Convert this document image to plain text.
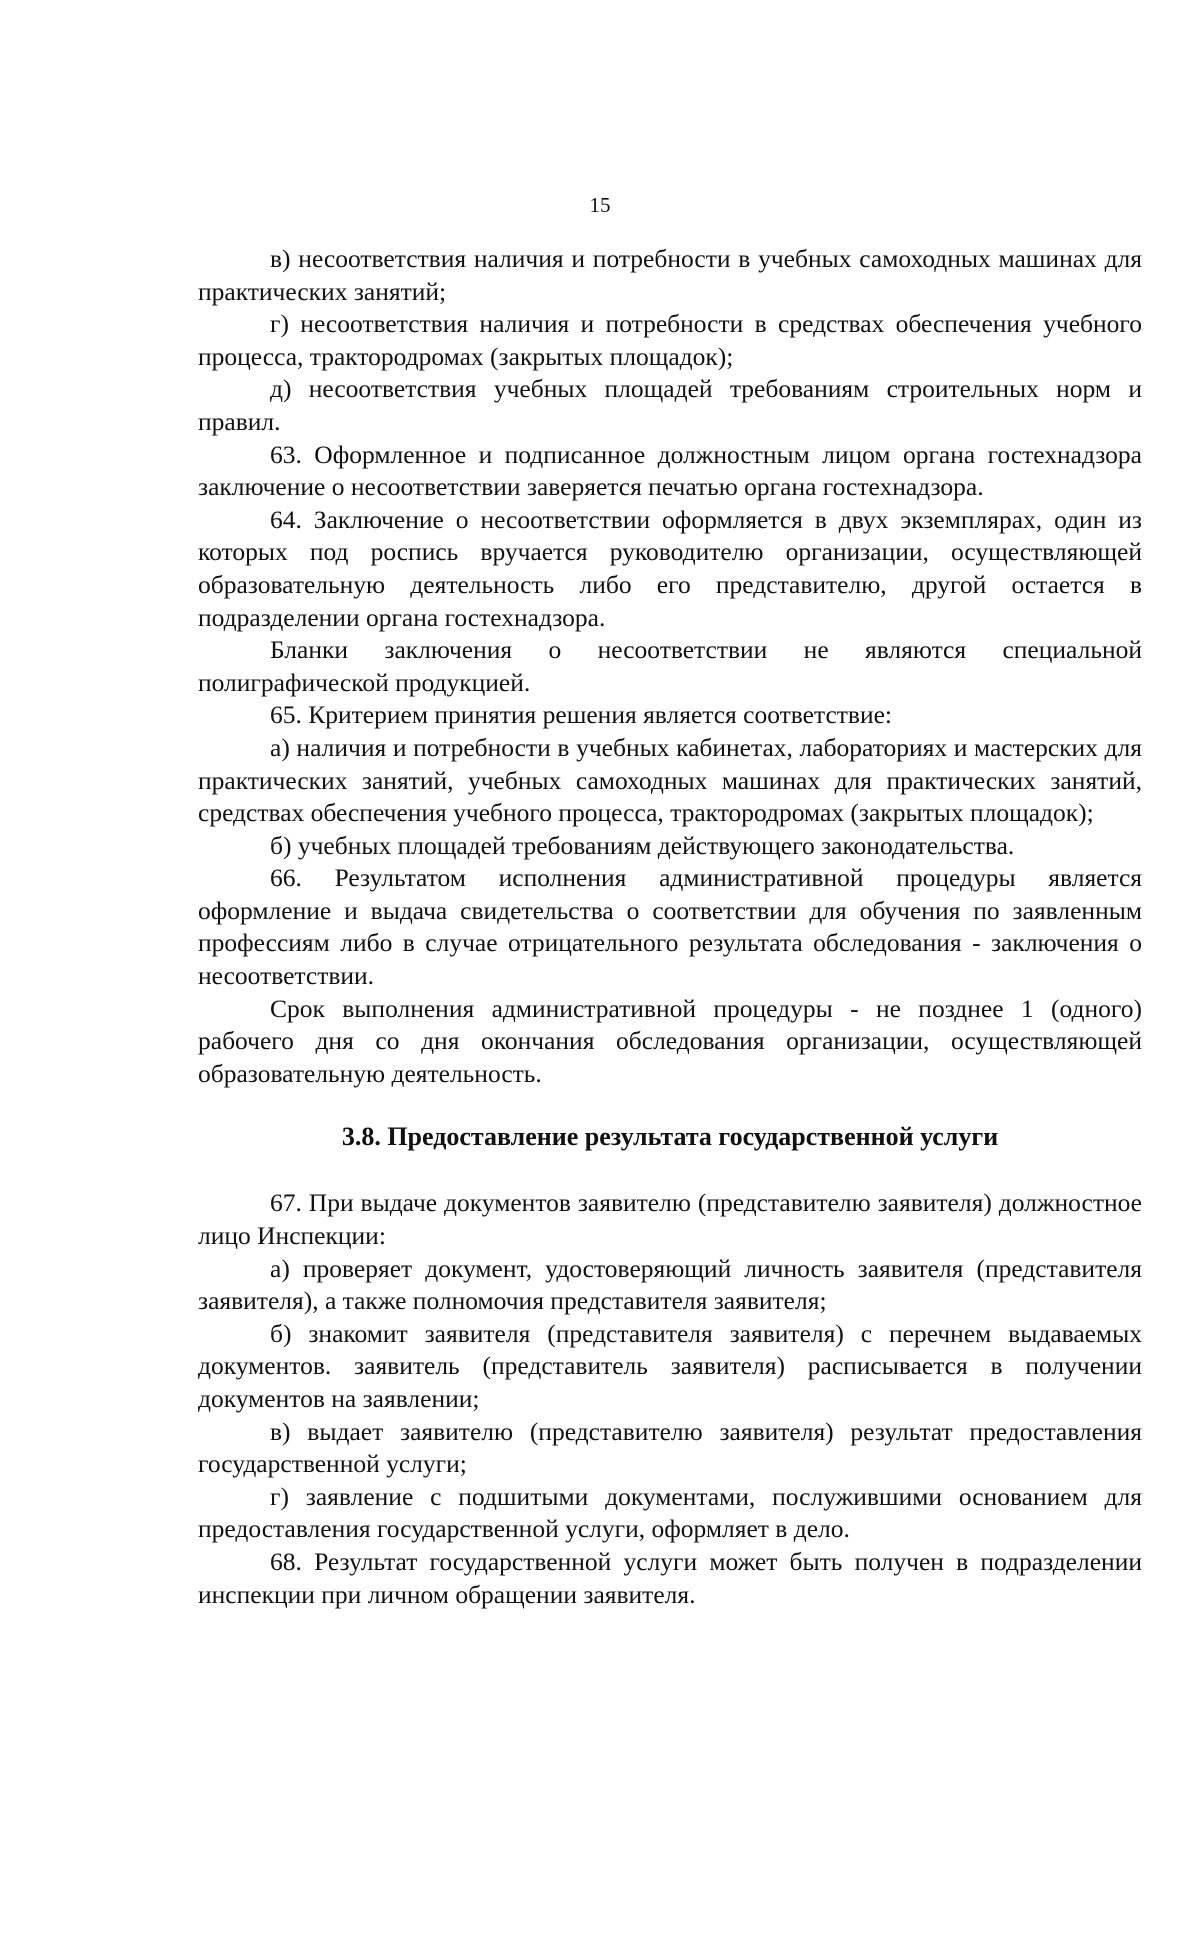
15

в) несоответствия наличия и потребности в учебных самоходных машинах для практических занятий;

г) несоответствия наличия и потребности в средствах обеспечения учебного процесса, трактородромах (закрытых площадок);

д) несоответствия учебных площадей требованиям строительных норм и правил.

63. Оформленное и подписанное должностным лицом органа гостехнадзора заключение о несоответствии заверяется печатью органа гостехнадзора.

64. Заключение о несоответствии оформляется в двух экземплярах, один из которых под роспись вручается руководителю организации, осуществляющей образовательную деятельность либо его представителю, другой остается в подразделении органа гостехнадзора.

Бланки заключения о несоответствии не являются специальной полиграфической продукцией.

65. Критерием принятия решения является соответствие:

а) наличия и потребности в учебных кабинетах, лабораториях и мастерских для практических занятий, учебных самоходных машинах для практических занятий, средствах обеспечения учебного процесса, трактородромах (закрытых площадок);

б) учебных площадей требованиям действующего законодательства.

66. Результатом исполнения административной процедуры является оформление и выдача свидетельства о соответствии для обучения по заявленным профессиям либо в случае отрицательного результата обследования - заключения о несоответствии.

Срок выполнения административной процедуры - не позднее 1 (одного) рабочего дня со дня окончания обследования организации, осуществляющей образовательную деятельность.

3.8. Предоставление результата государственной услуги

67. При выдаче документов заявителю (представителю заявителя) должностное лицо Инспекции:

а) проверяет документ, удостоверяющий личность заявителя (представителя заявителя), а также полномочия представителя заявителя;

б) знакомит заявителя (представителя заявителя) с перечнем выдаваемых документов. заявитель (представитель заявителя) расписывается в получении документов на заявлении;

в) выдает заявителю (представителю заявителя) результат предоставления государственной услуги;

г) заявление с подшитыми документами, послужившими основанием для предоставления государственной услуги, оформляет в дело.

68. Результат государственной услуги может быть получен в подразделении инспекции при личном обращении заявителя.
